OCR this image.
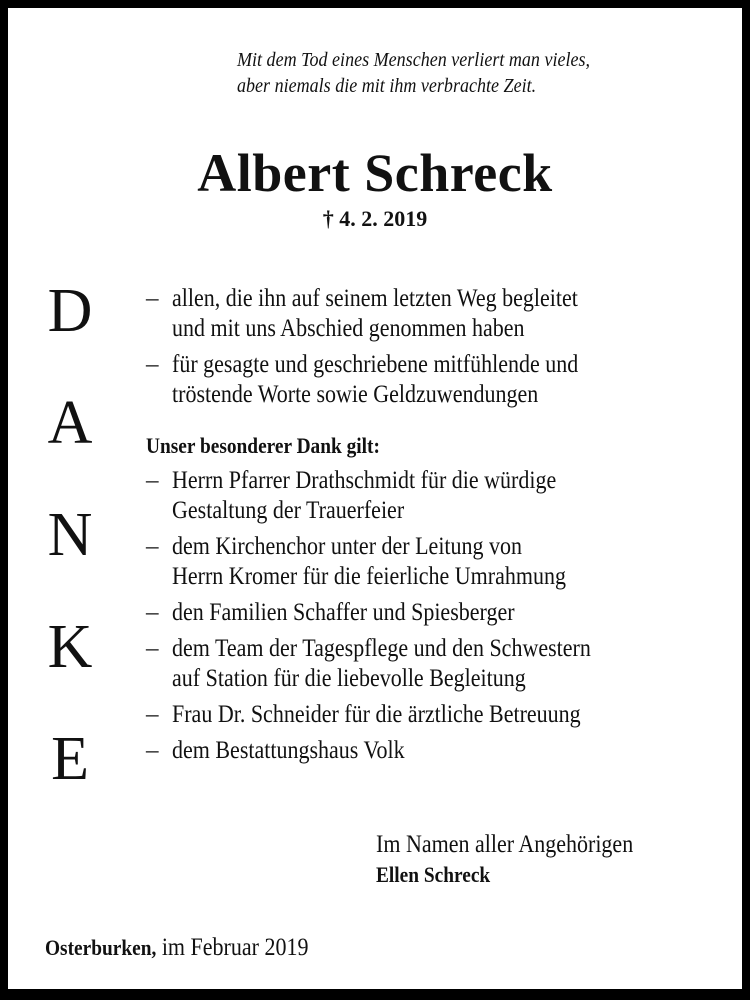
Mit dem Tod eines Menschen verliert man vieles,
aber niemals die mit ihm verbrachte Zeit.
Albert Schreck
† 4. 2. 2019
D
A
N
K
E
– allen, die ihn auf seinem letzten Weg begleitet
und mit uns Abschied genommen haben
– für gesagte und geschriebene mitfühlende und
tröstende Worte sowie Geldzuwendungen
Unser besonderer Dank gilt:
– Herrn Pfarrer Drathschmidt für die würdige
Gestaltung der Trauerfeier
– dem Kirchenchor unter der Leitung von
Herrn Kromer für die feierliche Umrahmung
– den Familien Schaffer und Spiesberger
– dem Team der Tagespflege und den Schwestern
auf Station für die liebevolle Begleitung
– Frau Dr. Schneider für die ärztliche Betreuung
– dem Bestattungshaus Volk
Im Namen aller Angehörigen
Ellen Schreck
Osterburken, im Februar 2019
